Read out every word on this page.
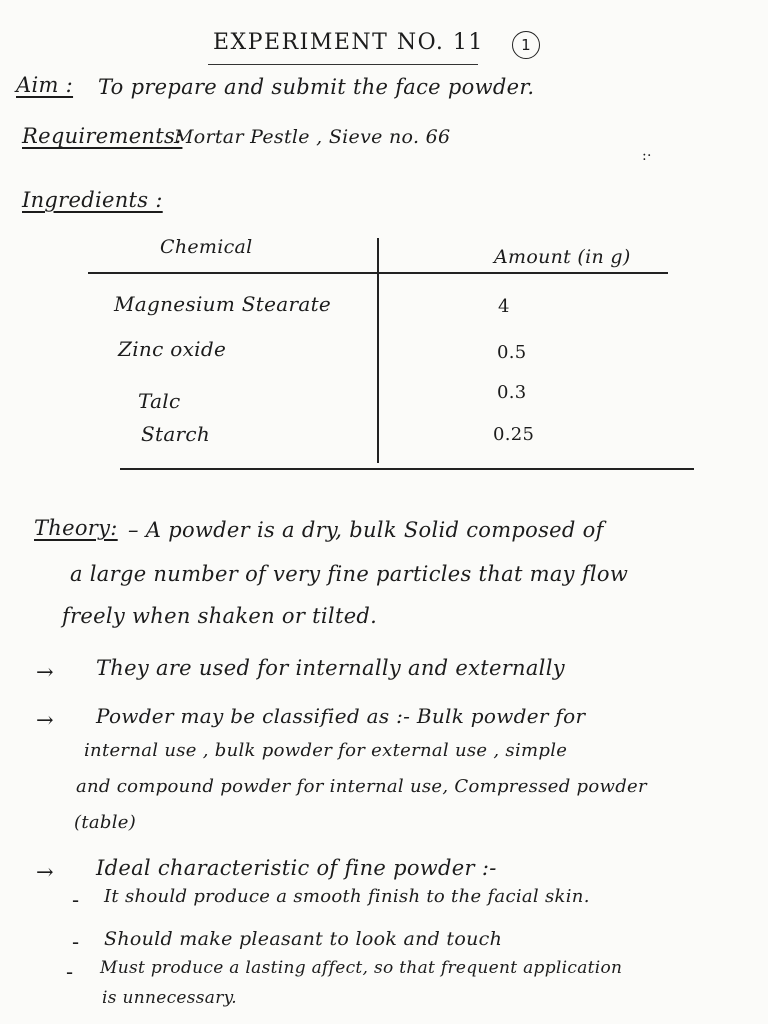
EXPERIMENT NO. 11	1
Aim : To prepare and submit the face powder.
Requirements:
Mortar Pestle , Sieve no. 66
:·
Ingredients :
Chemical	Amount (in g)
Magnesium Stearate	4
Zinc oxide	0.5
Talc	0.3
Starch	0.25
Theory: – A powder is a dry, bulk Solid composed of
a large number of very fine particles that may flow
freely when shaken or tilted.
→ They are used for internally and externally
→ Powder may be classified as :- Bulk powder for
internal use , bulk powder for external use , simple
and compound powder for internal use, Compressed powder
(table)
→ Ideal characteristic of fine powder :-
- It should produce a smooth finish to the facial skin.
- Should make pleasant to look and touch
- Must produce a lasting affect, so that frequent application
is unnecessary.
